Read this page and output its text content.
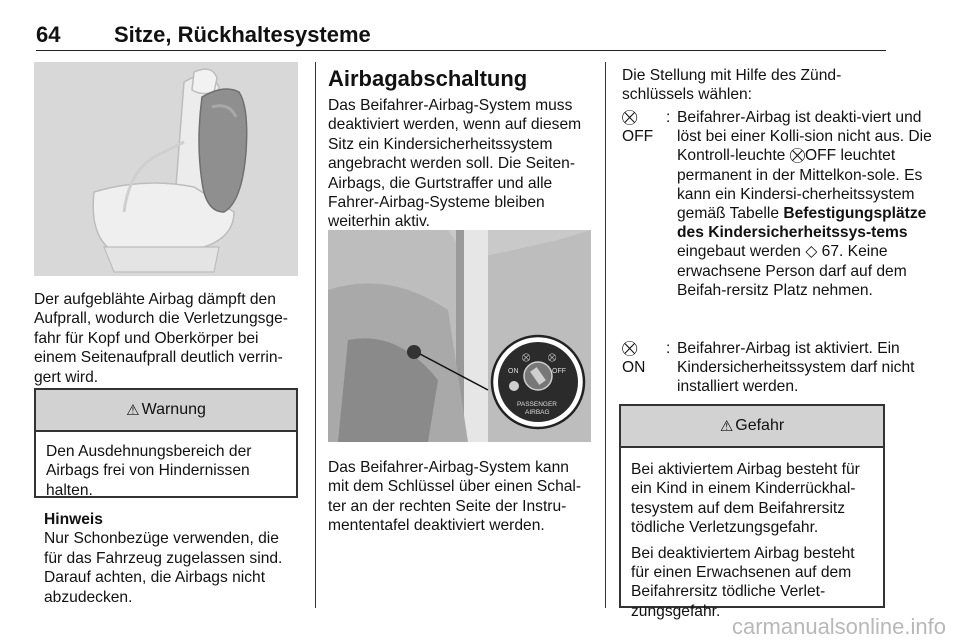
64 Sitze, Rückhaltesysteme

Der aufgeblähte Airbag dämpft den Aufprall, wodurch die Verletzungsge-fahr für Kopf und Oberkörper bei einem Seitenaufprall deutlich verrin-gert wird.

⚠ Warnung

Den Ausdehnungsbereich der Airbags frei von Hindernissen halten.

Hinweis

Nur Schonbezüge verwenden, die für das Fahrzeug zugelassen sind. Darauf achten, die Airbags nicht abzudecken.

Airbagabschaltung

Das Beifahrer-Airbag-System muss deaktiviert werden, wenn auf diesem Sitz ein Kindersicherheitssystem angebracht werden soll. Die Seiten-Airbags, die Gurtstraffer und alle Fahrer-Airbag-Systeme bleiben weiterhin aktiv.

⛒ ⛒
ON	OFF
PASSENGER
AIRBAG

Das Beifahrer-Airbag-System kann mit dem Schlüssel über einen Schal-ter an der rechten Seite der Instru-mententafel deaktiviert werden.

Die Stellung mit Hilfe des Zünd-schlüssels wählen:

⛒
OFF
: Beifahrer-Airbag ist deakti-viert und löst bei einer Kolli-sion nicht aus. Die Kontroll-leuchte ⛒OFF leuchtet permanent in der Mittelkon-sole. Es kann ein Kindersi-cherheitssystem gemäß Tabelle Befestigungsplätze des Kindersicherheitssys-tems eingebaut werden ◇ 67. Keine erwachsene Person darf auf dem Beifah-rersitz Platz nehmen.
⛒
ON
: Beifahrer-Airbag ist aktiviert. Ein Kindersicherheitssystem darf nicht installiert werden.
⚠ Gefahr

Bei aktiviertem Airbag besteht für ein Kind in einem Kinderrückhal-tesystem auf dem Beifahrersitz tödliche Verletzungsgefahr.

Bei deaktiviertem Airbag besteht für einen Erwachsenen auf dem Beifahrersitz tödliche Verlet-zungsgefahr.

carmanualsonline.info
